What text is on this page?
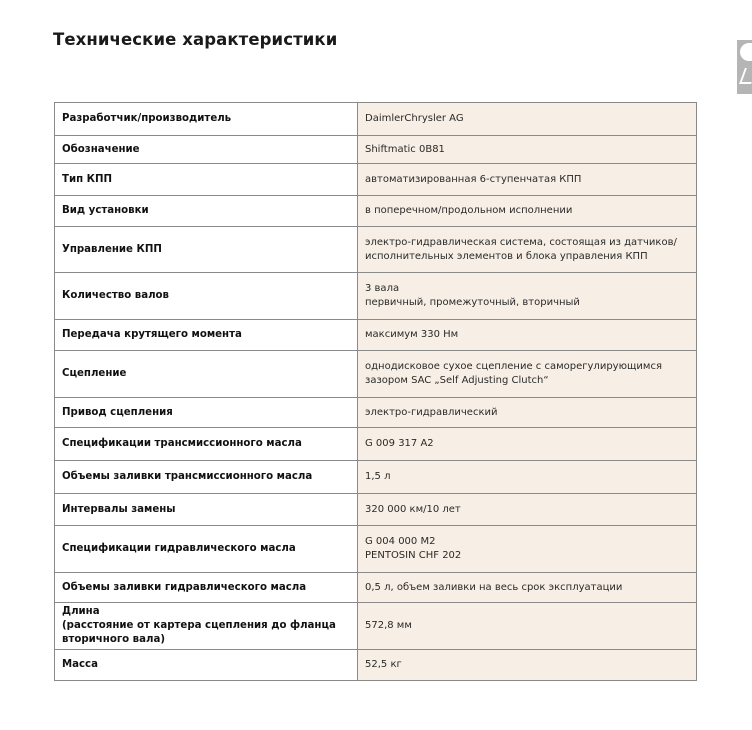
Технические характеристики
Разработчик/производитель	DaimlerChrysler AG

Обозначение	Shiftmatic 0B81

Тип КПП	автоматизированная 6-ступенчатая КПП

Вид установки	в поперечном/продольном исполнении

Управление КПП	электро-гидравлическая система, состоящая из датчиков/
исполнительных элементов и блока управления КПП

Количество валов	3 вала
первичный, промежуточный, вторичный

Передача крутящего момента	максимум 330 Нм

Сцепление	однодисковое сухое сцепление с саморегулирующимся
зазором SAC „Self Adjusting Clutch“

Привод сцепления	электро-гидравлический

Спецификации трансмиссионного масла	G 009 317 A2

Объемы заливки трансмиссионного масла	1,5 л

Интервалы замены	320 000 км/10 лет

Спецификации гидравлического масла	G 004 000 M2
PENTOSIN CHF 202

Объемы заливки гидравлического масла	0,5 л, объем заливки на весь срок эксплуатации

Длина
(расстояние от картера сцепления до фланца
вторичного вала)	572,8 мм

Масса	52,5 кг
